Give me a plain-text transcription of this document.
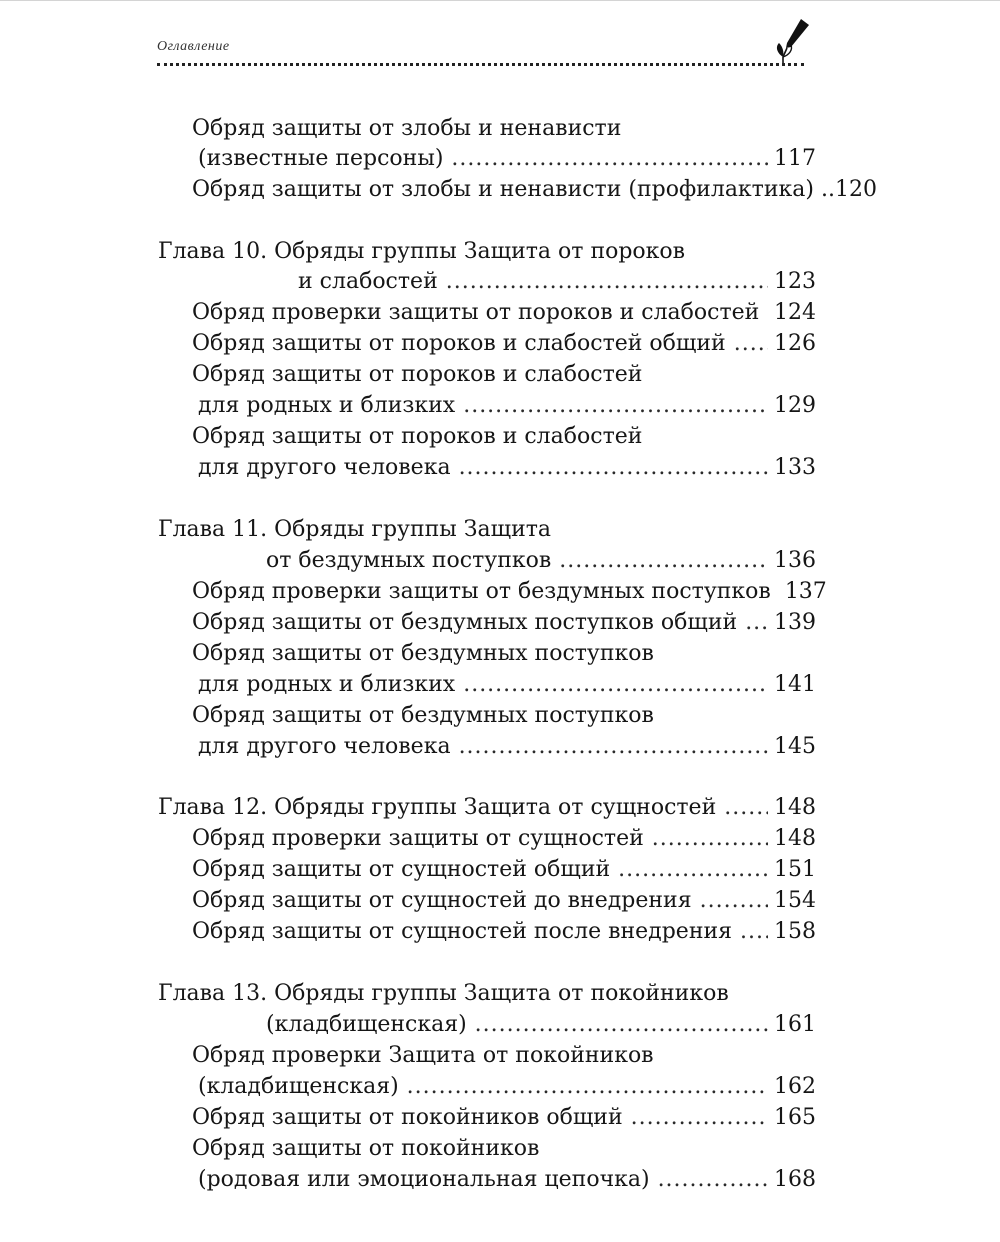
Оглавление
Обряд защиты от злобы и ненависти
(известные персоны) .....	117
Обряд защиты от злобы и ненависти (профилактика) .. 120
Глава 10. Обряды группы Защита от пороков
и слабостей .....	123
Обряд проверки защиты от пороков и слабостей ..... 124
Обряд защиты от пороков и слабостей общий ..... 126
Обряд защиты от пороков и слабостей
для родных и близких .....	129
Обряд защиты от пороков и слабостей
для другого человека .....	133
Глава 11. Обряды группы Защита
от бездумных поступков .....	136
Обряд проверки защиты от бездумных поступков 137
Обряд защиты от бездумных поступков общий ..... 139
Обряд защиты от бездумных поступков
для родных и близких .....	141
Обряд защиты от бездумных поступков
для другого человека .....	145
Глава 12. Обряды группы Защита от сущностей .....	148
Обряд проверки защиты от сущностей .....	148
Обряд защиты от сущностей общий .....	151
Обряд защиты от сущностей до внедрения .....	154
Обряд защиты от сущностей после внедрения ..... 158
Глава 13. Обряды группы Защита от покойников
(кладбищенская) .....	161
Обряд проверки Защита от покойников
(кладбищенская) .....	162
Обряд защиты от покойников общий .....	165
Обряд защиты от покойников
(родовая или эмоциональная цепочка) .....	168
